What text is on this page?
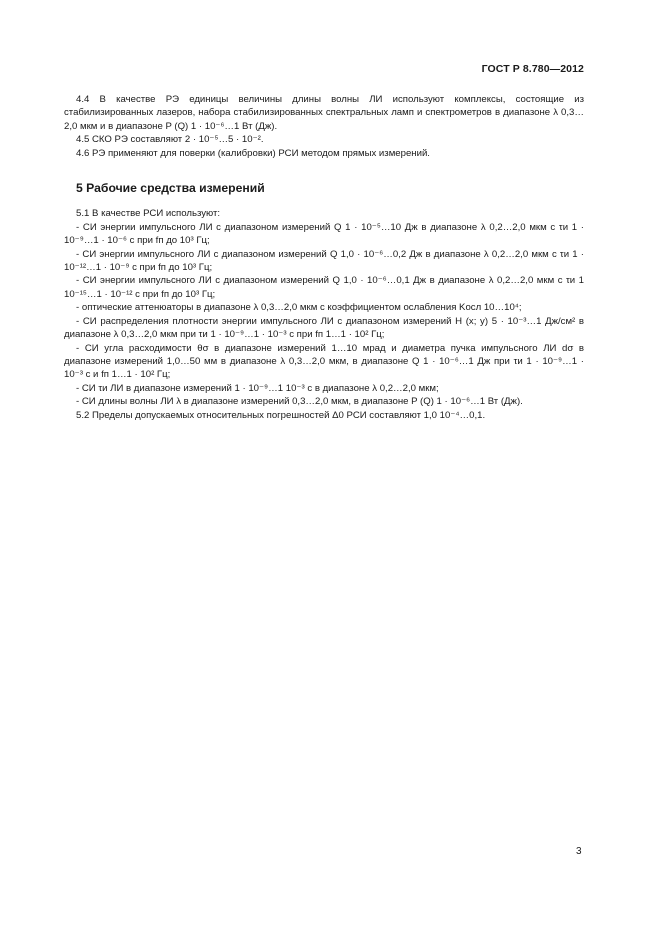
ГОСТ Р 8.780—2012

4.4 В качестве РЭ единицы величины длины волны ЛИ используют комплексы, состоящие из стабилизированных лазеров, набора стабилизированных спектральных ламп и спектрометров в диапазоне λ 0,3…2,0 мкм и в диапазоне P (Q) 1 · 10⁻⁶…1 Вт (Дж).

4.5 СКО РЭ составляют 2 · 10⁻⁵…5 · 10⁻².

4.6 РЭ применяют для поверки (калибровки) РСИ методом прямых измерений.

5 Рабочие средства измерений

5.1 В качестве РСИ используют:

- СИ энергии импульсного ЛИ с диапазоном измерений Q 1 · 10⁻⁵…10 Дж в диапазоне λ 0,2…2,0 мкм с τи 1 · 10⁻⁹…1 · 10⁻⁶ с при fп до 10³ Гц;

- СИ энергии импульсного ЛИ с диапазоном измерений Q 1,0 · 10⁻⁶…0,2 Дж в диапазоне λ 0,2…2,0 мкм с τи 1 · 10⁻¹²…1 · 10⁻⁹ с при fп до 10³ Гц;

- СИ энергии импульсного ЛИ с диапазоном измерений Q 1,0 · 10⁻⁶…0,1 Дж в диапазоне λ 0,2…2,0 мкм с τи 1 10⁻¹⁵…1 · 10⁻¹² с при fп до 10³ Гц;

- оптические аттенюаторы в диапазоне λ 0,3…2,0 мкм с коэффициентом ослабления Kосл 10…10⁴;

- СИ распределения плотности энергии импульсного ЛИ с диапазоном измерений H (x; y) 5 · 10⁻³…1 Дж/см² в диапазоне λ 0,3…2,0 мкм при τи 1 · 10⁻⁹…1 · 10⁻³ с при fп 1…1 · 10² Гц;

- СИ угла расходимости θσ в диапазоне измерений 1…10 мрад и диаметра пучка импульсного ЛИ dσ в диапазоне измерений 1,0…50 мм в диапазоне λ 0,3…2,0 мкм, в диапазоне Q 1 · 10⁻⁶…1 Дж при τи 1 · 10⁻⁹…1 · 10⁻³ с и fп 1…1 · 10² Гц;

- СИ τи ЛИ в диапазоне измерений 1 · 10⁻⁹…1 10⁻³ с в диапазоне λ 0,2…2,0 мкм;

- СИ длины волны ЛИ λ в диапазоне измерений 0,3…2,0 мкм, в диапазоне P (Q) 1 · 10⁻⁶…1 Вт (Дж).

5.2 Пределы допускаемых относительных погрешностей Δ0 РСИ составляют 1,0 10⁻⁴…0,1.

3
